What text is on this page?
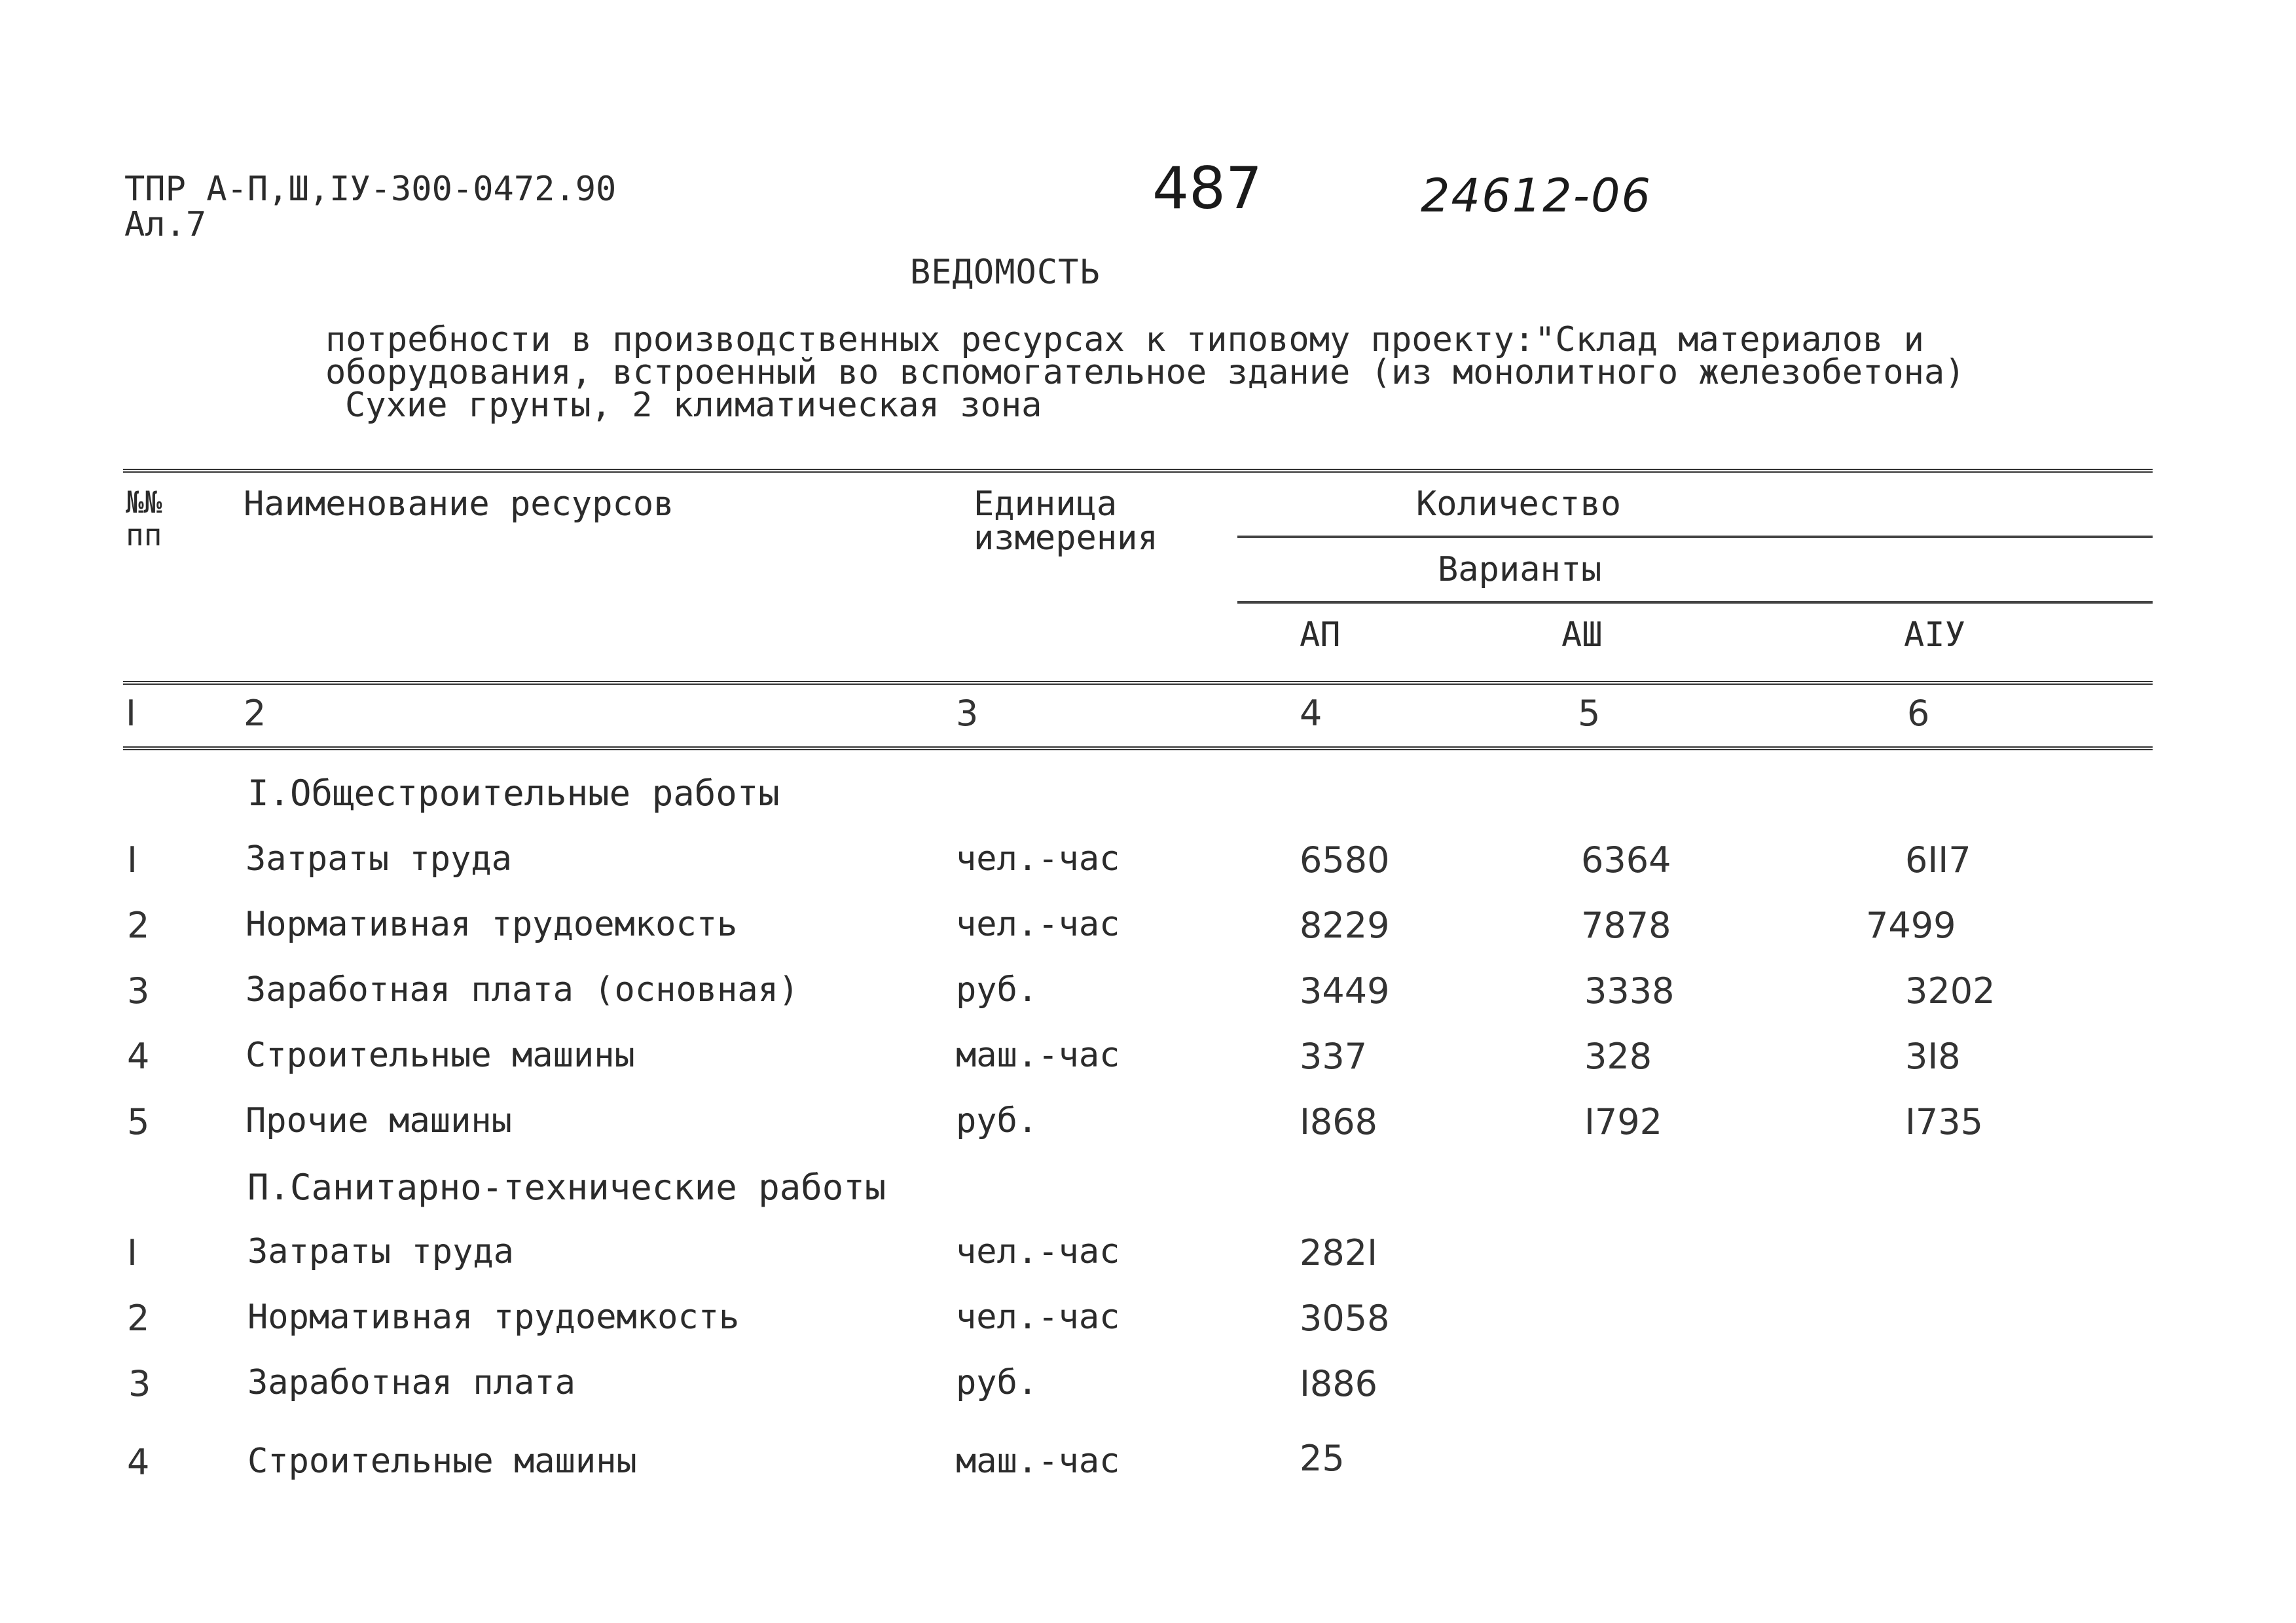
ТПР А-П,Ш,IУ-300-0472.90
Ал.7
487	24612-06
ВЕДОМОСТЬ
потребности в производственных ресурсах к типовому проекту:"Склад материалов и
оборудования, встроенный во вспомогательное здание (из монолитного железобетона)
Сухие грунты, 2 климатическая зона
№№
пп
Наименование ресурсов	Единица
измерения
Количество
Варианты
АП	АШ	АIУ
I	2	3	4	5	6
I.Общестроительные работы
I	Затраты труда	чел.-час	6580	6364	6II7
2	Нормативная трудоемкость	чел.-час	8229	7878	7499
3	Заработная плата (основная)	руб.	3449	3338	3202
4	Строительные машины	маш.-час	337	328	3I8
5	Прочие машины	руб.	I868	I792	I735
П.Санитарно-технические работы
I	Затраты труда	чел.-час	282I
2	Нормативная трудоемкость	чел.-час	3058
3	Заработная плата	руб.	I886
4	Строительные машины	маш.-час	25
